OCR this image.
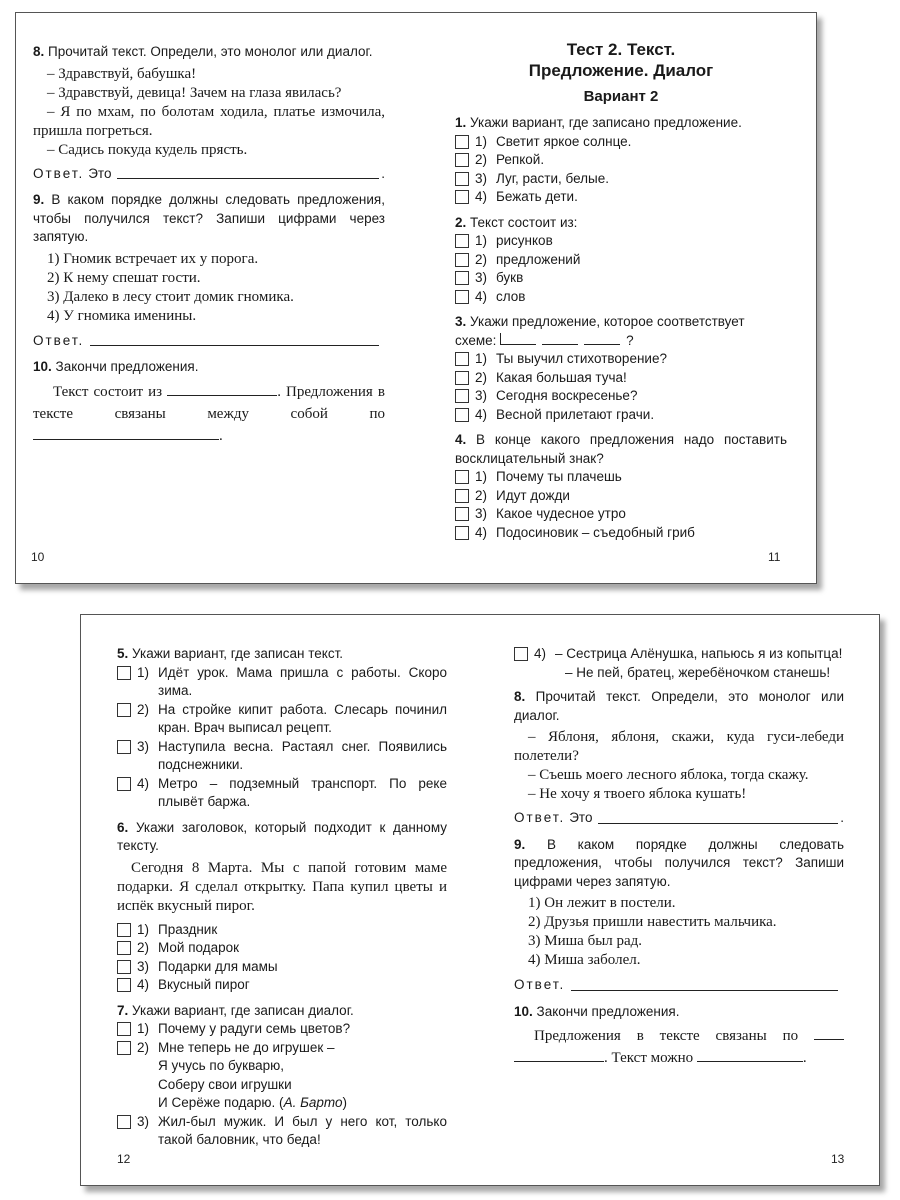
8. Прочитай текст. Определи, это монолог или диалог.

– Здравствуй, бабушка!

– Здравствуй, девица! Зачем на глаза явилась?

– Я по мхам, по болотам ходила, платье измочила, пришла погреться.

– Садись покуда кудель прясть.

Ответ. Это	.
9. В каком порядке должны следовать предложения, чтобы получился текст? Запиши цифрами через запятую.
1) Гномик встречает их у порога.
2) К нему спешат гости.
3) Далеко в лесу стоит домик гномика.
4) У гномика именины.
Ответ.
10. Закончи предложения.

Текст состоит из	. Предложения в тексте связаны между собой по .

Тест 2. Текст.
Предложение. Диалог
Вариант 2
1. Укажи вариант, где записано предложение.
1) Светит яркое солнце.
2) Репкой.
3) Луг, расти, белые.
4) Бежать дети.
2. Текст состоит из:
1) рисунков
2) предложений
3) букв
4) слов
3. Укажи предложение, которое соответствует схеме:	?
1) Ты выучил стихотворение?
2) Какая большая туча!
3) Сегодня воскресенье?
4) Весной прилетают грачи.
4. В конце какого предложения надо поставить восклицательный знак?
1) Почему ты плачешь
2) Идут дожди
3) Какое чудесное утро
4) Подосиновик – съедобный гриб
10	11
5. Укажи вариант, где записан текст.
1) Идёт урок. Мама пришла с работы. Скоро зима.
2) На стройке кипит работа. Слесарь починил кран. Врач выписал рецепт.
3) Наступила весна. Растаял снег. Появились подснежники.
4) Метро – подземный транспорт. По реке плывёт баржа.
6. Укажи заголовок, который подходит к данному тексту.

Сегодня 8 Марта. Мы с папой готовим маме подарки. Я сделал открытку. Папа купил цветы и испёк вкусный пирог.

1) Праздник
2) Мой подарок
3) Подарки для мамы
4) Вкусный пирог
7. Укажи вариант, где записан диалог.
1) Почему у радуги семь цветов?
2) Мне теперь не до игрушек –
Я учусь по букварю,
Соберу свои игрушки
И Серёже подарю. (А. Барто)
3) Жил-был мужик. И был у него кот, только такой баловник, что беда!
4) – Сестрица Алёнушка, напьюсь я из копытца!
– Не пей, братец, жеребёночком станешь!
8. Прочитай текст. Определи, это монолог или диалог.

– Яблоня, яблоня, скажи, куда гуси-лебеди полетели?

– Съешь моего лесного яблока, тогда скажу.

– Не хочу я твоего яблока кушать!

Ответ. Это	.
9. В каком порядке должны следовать предложения, чтобы получился текст? Запиши цифрами через запятую.
1) Он лежит в постели.
2) Друзья пришли навестить мальчика.
3) Миша был рад.
4) Миша заболел.
Ответ.
10. Закончи предложения.

Предложения в тексте связаны по  . Текст можно	.

12	13
